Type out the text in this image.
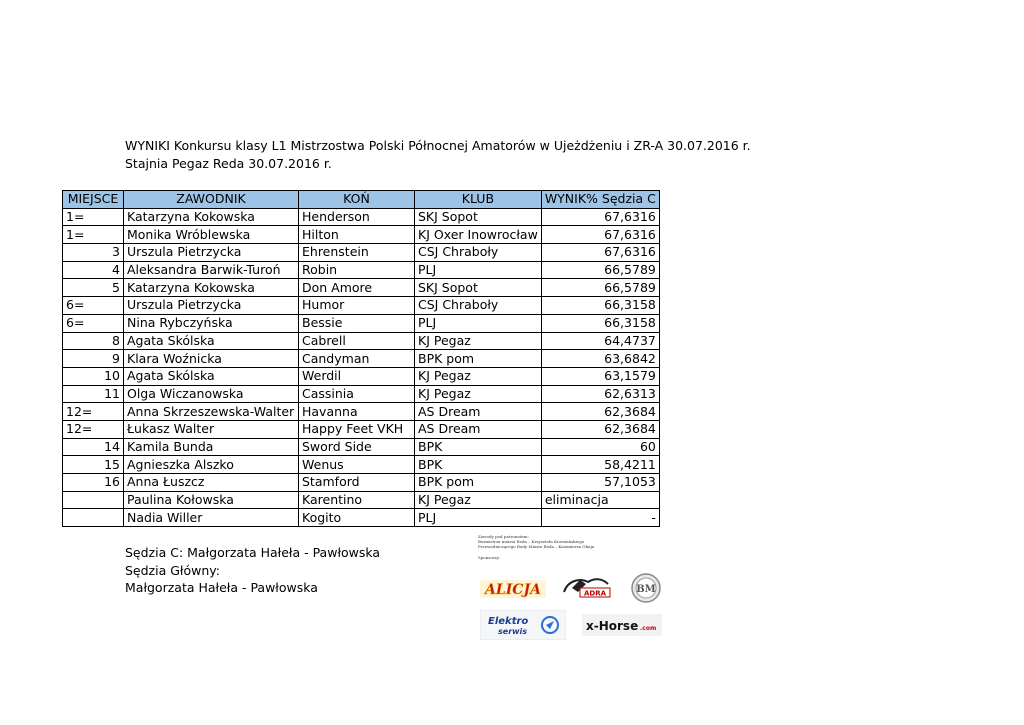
WYNIKI Konkursu klasy L1 Mistrzostwa Polski Północnej Amatorów w Ujeżdżeniu i ZR-A 30.07.2016 r. Stajnia Pegaz Reda 30.07.2016 r.
MIEJSCE	ZAWODNIK	KOŃ	KLUB	WYNIK% Sędzia C
1=	Katarzyna Kokowska	Henderson	SKJ Sopot	67,6316
1=	Monika Wróblewska	Hilton	KJ Oxer Inowrocław	67,6316
3	Urszula Pietrzycka	Ehrenstein	CSJ Chraboły	67,6316
4	Aleksandra Barwik-Turoń	Robin	PLJ	66,5789
5	Katarzyna Kokowska	Don Amore	SKJ Sopot	66,5789
6=	Urszula Pietrzycka	Humor	CSJ Chraboły	66,3158
6=	Nina Rybczyńska	Bessie	PLJ	66,3158
8	Agata Skólska	Cabrell	KJ Pegaz	64,4737
9	Klara Woźnicka	Candyman	BPK pom	63,6842
10	Agata Skólska	Werdil	KJ Pegaz	63,1579
11	Olga Wiczanowska	Cassinia	KJ Pegaz	62,6313
12=	Anna Skrzeszewska-Walter	Havanna	AS Dream	62,3684
12=	Łukasz Walter	Happy Feet VKH	AS Dream	62,3684
14	Kamila Bunda	Sword Side	BPK	60
15	Agnieszka Alszko	Wenus	BPK	58,4211
16	Anna Łuszcz	Stamford	BPK pom	57,1053
	Paulina Kołowska	Karentino	KJ Pegaz	eliminacja
	Nadia Willer	Kogito	PLJ	-
Sędzia C: Małgorzata Hałeła - Pawłowska
Sędzia Główny:
Małgorzata Hałeła - Pawłowska
Zawody pod patronatem:
Burmistrza miasta Reda – Krzysztofa Krzemińskiego
Przewodniczącego Rady Miasta Reda – Kazimierza Okuja
Sponsorzy:
ALICJA	ADRA	BM
Elektro
serwis	x-Horse .com
